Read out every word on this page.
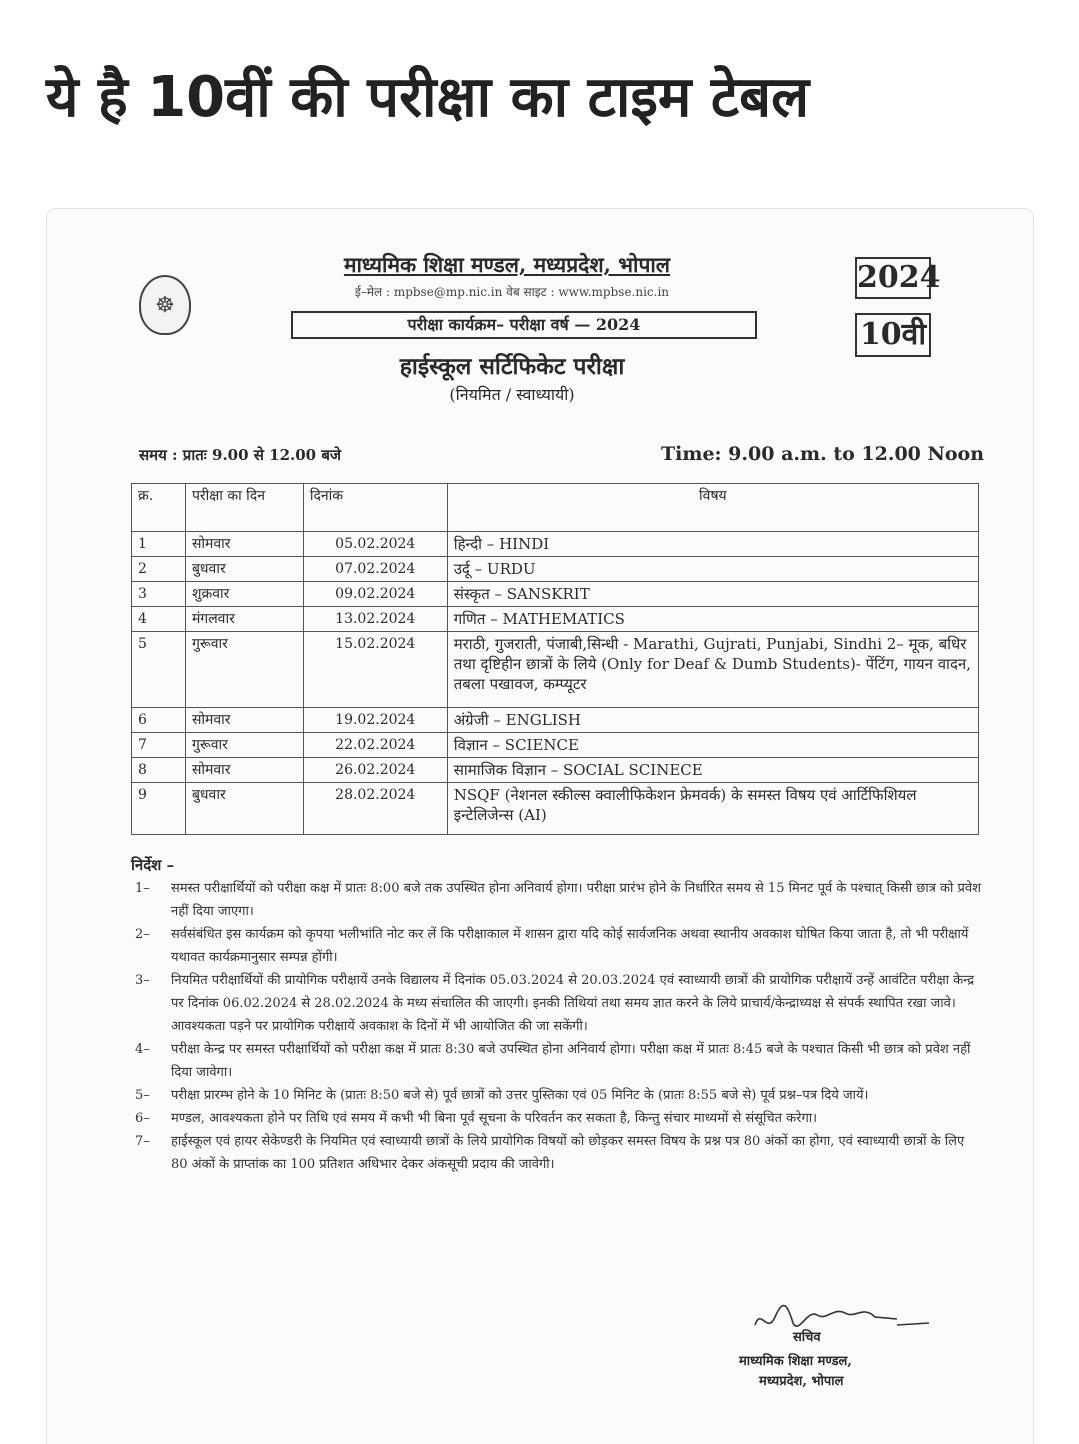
ये है 10वीं की परीक्षा का टाइम टेबल
☸
माध्यमिक शिक्षा मण्डल, मध्यप्रदेश, भोपाल
ई–मेल : mpbse@mp.nic.in वेब साइट : www.mpbse.nic.in
परीक्षा कार्यक्रम– परीक्षा वर्ष — 2024
हाईस्कूल सर्टिफिकेट परीक्षा
(नियमित / स्वाध्यायी)
2024
10वी
समय : प्रातः 9.00 से 12.00 बजे	Time: 9.00 a.m. to 12.00 Noon
क्र.	परीक्षा का दिन	दिनांक	विषय
1	सोमवार	05.02.2024	हिन्दी – HINDI
2	बुधवार	07.02.2024	उर्दू – URDU
3	शुक्रवार	09.02.2024	संस्कृत – SANSKRIT
4	मंगलवार	13.02.2024	गणित – MATHEMATICS
5	गुरूवार	15.02.2024	मराठी, गुजराती, पंजाबी,सिन्धी - Marathi, Gujrati, Punjabi, Sindhi 2– मूक, बधिर तथा दृष्टिहीन छात्रों के लिये (Only for Deaf & Dumb Students)- पेंटिंग, गायन वादन, तबला पखावज, कम्प्यूटर
6	सोमवार	19.02.2024	अंग्रेजी – ENGLISH
7	गुरूवार	22.02.2024	विज्ञान – SCIENCE
8	सोमवार	26.02.2024	सामाजिक विज्ञान – SOCIAL SCINECE
9	बुधवार	28.02.2024	NSQF (नेशनल स्कील्स क्वालीफिकेशन फ्रेमवर्क) के समस्त विषय एवं आर्टिफिशियल इन्टेलिजेन्स (AI)
निर्देश –
1–	समस्त परीक्षार्थियों को परीक्षा कक्ष में प्रातः 8:00 बजे तक उपस्थित होना अनिवार्य होगा। परीक्षा प्रारंभ होने के निर्धारित समय से 15 मिनट पूर्व के पश्चात् किसी छात्र को प्रवेश नहीं दिया जाएगा।
2–	सर्वसंबंधित इस कार्यक्रम को कृपया भलीभांति नोट कर लें कि परीक्षाकाल में शासन द्वारा यदि कोई सार्वजनिक अथवा स्थानीय अवकाश घोषित किया जाता है, तो भी परीक्षायें यथावत कार्यक्रमानुसार सम्पन्न होंगी।
3–	नियमित परीक्षार्थियों की प्रायोगिक परीक्षायें उनके विद्यालय में दिनांक 05.03.2024 से 20.03.2024 एवं स्वाध्यायी छात्रों की प्रायोगिक परीक्षायें उन्हें आवंटित परीक्षा केन्द्र पर दिनांक 06.02.2024 से 28.02.2024 के मध्य संचालित की जाएगी। इनकी तिथियां तथा समय ज्ञात करने के लिये प्राचार्य/केन्द्राध्यक्ष से संपर्क स्थापित रखा जावे। आवश्यकता पड़ने पर प्रायोगिक परीक्षायें अवकाश के दिनों में भी आयोजित की जा सकेंगी।
4–	परीक्षा केन्द्र पर समस्त परीक्षार्थियों को परीक्षा कक्ष में प्रातः 8:30 बजे उपस्थित होना अनिवार्य होगा। परीक्षा कक्ष में प्रातः 8:45 बजे के पश्चात किसी भी छात्र को प्रवेश नहीं दिया जावेगा।
5–	परीक्षा प्रारम्भ होने के 10 मिनिट के (प्रातः 8:50 बजे से) पूर्व छात्रों को उत्तर पुस्तिका एवं 05 मिनिट के (प्रातः 8:55 बजे से) पूर्व प्रश्न–पत्र दिये जायें।
6–	मण्डल, आवश्यकता होने पर तिथि एवं समय में कभी भी बिना पूर्व सूचना के परिवर्तन कर सकता है, किन्तु संचार माध्यमों से संसूचित करेगा।
7–	हाईस्कूल एवं हायर सेकेण्डरी के नियमित एवं स्वाध्यायी छात्रों के लिये प्रायोगिक विषयों को छोड़कर समस्त विषय के प्रश्न पत्र 80 अंकों का होगा, एवं स्वाध्यायी छात्रों के लिए 80 अंकों के प्राप्तांक का 100 प्रतिशत अधिभार देकर अंकसूची प्रदाय की जावेगी।
सचिव
माध्यमिक शिक्षा मण्डल,
मध्यप्रदेश, भोपाल
